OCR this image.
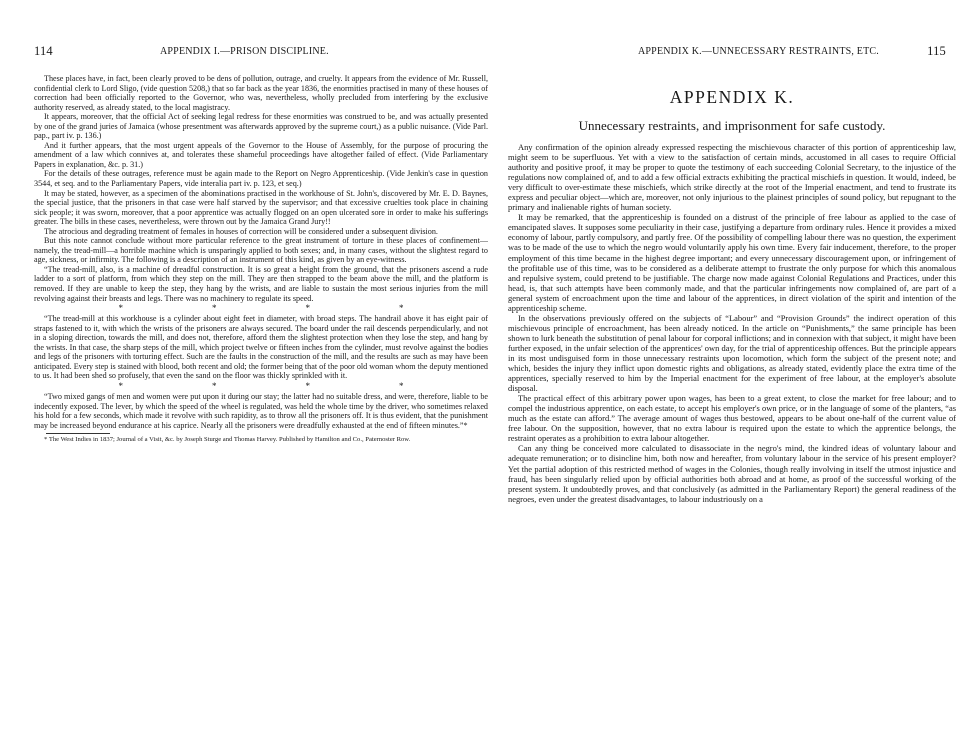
114	APPENDIX I.—PRISON DISCIPLINE.

These places have, in fact, been clearly proved to be dens of pollution, outrage, and cruelty. It appears from the evidence of Mr. Russell, confidential clerk to Lord Sligo, (vide question 5208,) that so far back as the year 1836, the enormities practised in many of these houses of correction had been officially reported to the Governor, who was, nevertheless, wholly precluded from interfering by the exclusive authority reserved, as already stated, to the local magistracy.

It appears, moreover, that the official Act of seeking legal redress for these enormities was construed to be, and was actually presented by one of the grand juries of Jamaica (whose presentment was afterwards approved by the supreme court,) as a public nuisance. (Vide Parl. pap., part iv. p. 136.)

And it further appears, that the most urgent appeals of the Governor to the House of Assembly, for the purpose of procuring the amendment of a law which connives at, and tolerates these shameful proceedings have altogether failed of effect. (Vide Parliamentary Papers in explanation, &c. p. 31.)

For the details of these outrages, reference must be again made to the Report on Negro Apprenticeship. (Vide Jenkin's case in question 3544, et seq. and to the Parliamentary Papers, vide interalia part iv. p. 123, et seq.)

It may be stated, however, as a specimen of the abominations practised in the workhouse of St. John's, discovered by Mr. E. D. Baynes, the special justice, that the prisoners in that case were half starved by the supervisor; and that excessive cruelties took place in chaining sick people; it was sworn, moreover, that a poor apprentice was actually flogged on an open ulcerated sore in order to make his sufferings greater. The bills in these cases, nevertheless, were thrown out by the Jamaica Grand Jury!!

The atrocious and degrading treatment of females in houses of correction will be considered under a subsequent division.

But this note cannot conclude without more particular reference to the great instrument of torture in these places of confinement—namely, the tread-mill—a horrible machine which is unsparingly applied to both sexes; and, in many cases, without the slightest regard to age, sickness, or infirmity. The following is a description of an instrument of this kind, as given by an eye-witness.

“The tread-mill, also, is a machine of dreadful construction. It is so great a height from the ground, that the prisoners ascend a rude ladder to a sort of platform, from which they step on the mill. They are then strapped to the beam above the mill, and the platform is removed. If they are unable to keep the step, they hang by the wrists, and are liable to sustain the most serious injuries from the mill revolving against their breasts and legs. There was no machinery to regulate its speed.

*	*	*	*

“The tread-mill at this workhouse is a cylinder about eight feet in diameter, with broad steps. The handrail above it has eight pair of straps fastened to it, with which the wrists of the prisoners are always secured. The board under the rail descends perpendicularly, and not in a sloping direction, towards the mill, and does not, therefore, afford them the slightest protection when they lose the step, and hang by the wrists. In that case, the sharp steps of the mill, which project twelve or fifteen inches from the cylinder, must revolve against the bodies and legs of the prisoners with torturing effect. Such are the faults in the construction of the mill, and the results are such as may have been anticipated. Every step is stained with blood, both recent and old; the former being that of the poor old woman whom the deputy mentioned to us. It had been shed so profusely, that even the sand on the floor was thickly sprinkled with it.

*	*	*	*

“Two mixed gangs of men and women were put upon it during our stay; the latter had no suitable dress, and were, therefore, liable to be indecently exposed. The lever, by which the speed of the wheel is regulated, was held the whole time by the driver, who sometimes relaxed his hold for a few seconds, which made it revolve with such rapidity, as to throw all the prisoners off. It is thus evident, that the punishment may be increased beyond endurance at his caprice. Nearly all the prisoners were dreadfully exhausted at the end of fifteen minutes.”*

* The West Indies in 1837; Journal of a Visit, &c. by Joseph Sturge and Thomas Harvey. Published by Hamilton and Co., Paternoster Row.

APPENDIX K.—UNNECESSARY RESTRAINTS, ETC.	115
APPENDIX K.
Unnecessary restraints, and imprisonment for safe custody.

Any confirmation of the opinion already expressed respecting the mischievous character of this portion of apprenticeship law, might seem to be superfluous. Yet with a view to the satisfaction of certain minds, accustomed in all cases to require Official authority and positive proof, it may be proper to quote the testimony of each succeeding Colonial Secretary, to the injustice of the regulations now complained of, and to add a few official extracts exhibiting the practical mischiefs in question. It would, indeed, be very difficult to over-estimate these mischiefs, which strike directly at the root of the Imperial enactment, and tend to frustrate its express and peculiar object—which are, moreover, not only injurious to the plainest principles of sound policy, but repugnant to the primary and inalienable rights of human society.

It may be remarked, that the apprenticeship is founded on a distrust of the principle of free labour as applied to the case of emancipated slaves. It supposes some peculiarity in their case, justifying a departure from ordinary rules. Hence it provides a mixed economy of labour, partly compulsory, and partly free. Of the possibility of compelling labour there was no question, the experiment was to be made of the use to which the negro would voluntarily apply his own time. Every fair inducement, therefore, to the proper employment of this time became in the highest degree important; and every unnecessary discouragement upon, or infringement of the profitable use of this time, was to be considered as a deliberate attempt to frustrate the only purpose for which this anomalous and repulsive system, could pretend to be justifiable. The charge now made against Colonial Regulations and Practices, under this head, is, that such attempts have been commonly made, and that the particular infringements now complained of, are part of a general system of encroachment upon the time and labour of the apprentices, in direct violation of the spirit and intention of the apprenticeship scheme.

In the observations previously offered on the subjects of “Labour” and “Provision Grounds” the indirect operation of this mischievous principle of encroachment, has been already noticed. In the article on “Punishments,” the same principle has been shown to lurk beneath the substitution of penal labour for corporal inflictions; and in connexion with that subject, it might have been further exposed, in the unfair selection of the apprentices' own day, for the trial of apprenticeship offences. But the principle appears in its most undisguised form in those unnecessary restraints upon locomotion, which form the subject of the present note; and which, besides the injury they inflict upon domestic rights and obligations, as already stated, evidently place the extra time of the apprentices, specially reserved to him by the Imperial enactment for the experiment of free labour, at the employer's absolute disposal.

The practical effect of this arbitrary power upon wages, has been to a great extent, to close the market for free labour; and to compel the industrious apprentice, on each estate, to accept his employer's own price, or in the language of some of the planters, “as much as the estate can afford.” The average amount of wages thus bestowed, appears to be about one-half of the current value of free labour. On the supposition, however, that no extra labour is required upon the estate to which the apprentice belongs, the restraint operates as a prohibition to extra labour altogether.

Can any thing be conceived more calculated to disassociate in the negro's mind, the kindred ideas of voluntary labour and adequate remuneration; or to disincline him, both now and hereafter, from voluntary labour in the service of his present employer? Yet the partial adoption of this restricted method of wages in the Colonies, though really involving in itself the utmost injustice and fraud, has been singularly relied upon by official authorities both abroad and at home, as proof of the successful working of the present system. It undoubtedly proves, and that conclusively (as admitted in the Parliamentary Report) the general readiness of the negroes, even under the greatest disadvantages, to labour industriously on a
